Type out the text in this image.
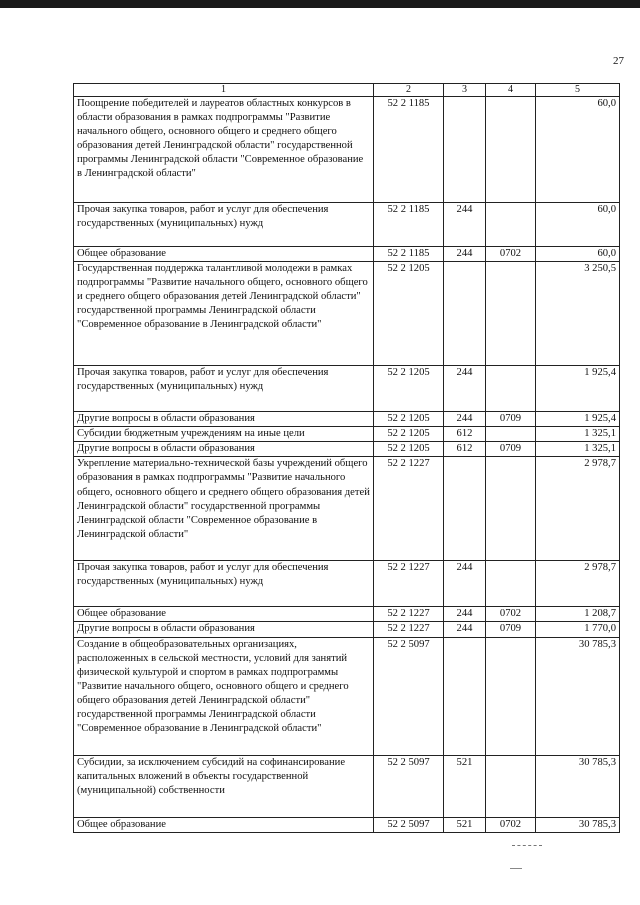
27
1	2	3	4	5
Поощрение победителей и лауреатов областных конкурсов в области образования в рамках подпрограммы "Развитие начального общего, основного общего и среднего общего образования детей Ленинградской области" государственной программы Ленинградской области "Современное образование в Ленинградской области"	52 2 1185			60,0
Прочая закупка товаров, работ и услуг для обеспечения государственных (муниципальных) нужд	52 2 1185	244		60,0
Общее образование	52 2 1185	244	0702	60,0
Государственная поддержка талантливой молодежи в рамках подпрограммы "Развитие начального общего, основного общего и среднего общего образования детей Ленинградской области" государственной программы Ленинградской области "Современное образование в Ленинградской области"	52 2 1205			3 250,5
Прочая закупка товаров, работ и услуг для обеспечения государственных (муниципальных) нужд	52 2 1205	244		1 925,4
Другие вопросы в области образования	52 2 1205	244	0709	1 925,4
Субсидии бюджетным учреждениям на иные цели	52 2 1205	612		1 325,1
Другие вопросы в области образования	52 2 1205	612	0709	1 325,1
Укрепление материально-технической базы учреждений общего образования в рамках подпрограммы "Развитие начального общего, основного общего и среднего общего образования детей Ленинградской области" государственной программы Ленинградской области "Современное образование в Ленинградской области"	52 2 1227			2 978,7
Прочая закупка товаров, работ и услуг для обеспечения государственных (муниципальных) нужд	52 2 1227	244		2 978,7
Общее образование	52 2 1227	244	0702	1 208,7
Другие вопросы в области образования	52 2 1227	244	0709	1 770,0
Создание в общеобразовательных организациях, расположенных в сельской местности, условий для занятий физической культурой и спортом в рамках подпрограммы "Развитие начального общего, основного общего и среднего общего образования детей Ленинградской области" государственной программы Ленинградской области "Современное образование в Ленинградской области"	52 2 5097			30 785,3
Субсидии, за исключением субсидий на софинансирование капитальных вложений в объекты государственной (муниципальной) собственности	52 2 5097	521		30 785,3
Общее образование	52 2 5097	521	0702	30 785,3
